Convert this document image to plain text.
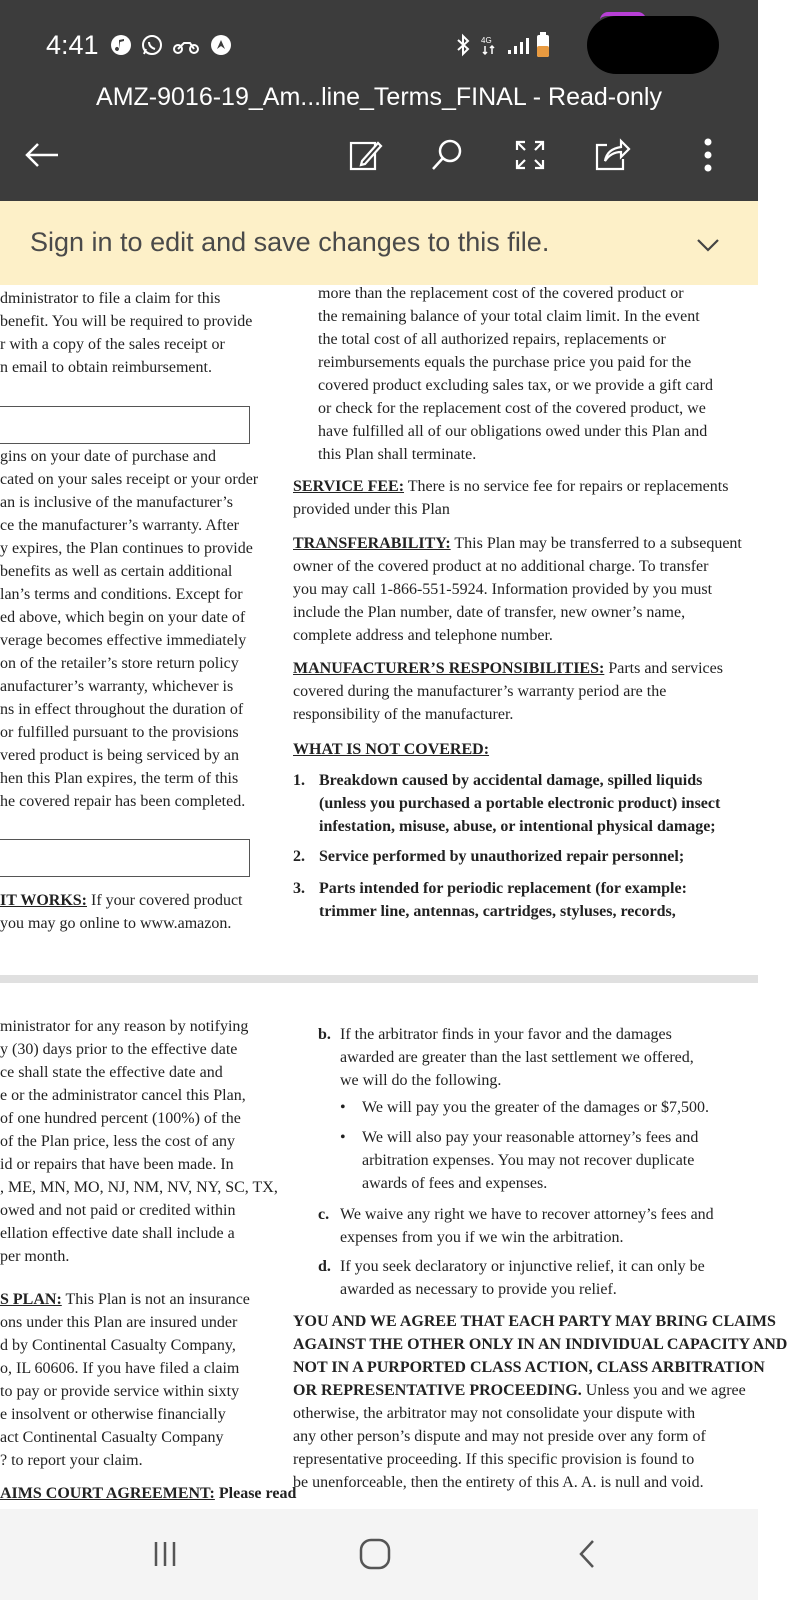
4:41	4G
AMZ-9016-19_Am...line_Terms_FINAL - Read-only
Sign in to edit and save changes to this file.
dministrator to file a claim for this
benefit. You will be required to provide
r with a copy of the sales receipt or
n email to obtain reimbursement.
gins on your date of purchase and
cated on your sales receipt or your order
an is inclusive of the manufacturer’s
ce the manufacturer’s warranty. After
y expires, the Plan continues to provide
benefits as well as certain additional
lan’s terms and conditions. Except for
ed above, which begin on your date of
verage becomes effective immediately
on of the retailer’s store return policy
anufacturer’s warranty, whichever is
ns in effect throughout the duration of
or fulfilled pursuant to the provisions
vered product is being serviced by an
hen this Plan expires, the term of this
he covered repair has been completed.
IT WORKS: If your covered product
you may go online to www.amazon.
more than the replacement cost of the covered product or
the remaining balance of your total claim limit. In the event
the total cost of all authorized repairs, replacements or
reimbursements equals the purchase price you paid for the
covered product excluding sales tax, or we provide a gift card
or check for the replacement cost of the covered product, we
have fulfilled all of our obligations owed under this Plan and
this Plan shall terminate.
SERVICE FEE: There is no service fee for repairs or replacements
provided under this Plan
TRANSFERABILITY: This Plan may be transferred to a subsequent
owner of the covered product at no additional charge. To transfer
you may call 1-866-551-5924. Information provided by you must
include the Plan number, date of transfer, new owner’s name,
complete address and telephone number.
MANUFACTURER’S RESPONSIBILITIES: Parts and services
covered during the manufacturer’s warranty period are the
responsibility of the manufacturer.
WHAT IS NOT COVERED:
1. Breakdown caused by accidental damage, spilled liquids
(unless you purchased a portable electronic product) insect
infestation, misuse, abuse, or intentional physical damage;
2. Service performed by unauthorized repair personnel;
3. Parts intended for periodic replacement (for example:
trimmer line, antennas, cartridges, styluses, records,
ministrator for any reason by notifying
y (30) days prior to the effective date
ce shall state the effective date and
e or the administrator cancel this Plan,
of one hundred percent (100%) of the
of the Plan price, less the cost of any
id or repairs that have been made. In
, ME, MN, MO, NJ, NM, NV, NY, SC, TX,
owed and not paid or credited within
ellation effective date shall include a
per month.
S PLAN: This Plan is not an insurance
ons under this Plan are insured under
d by Continental Casualty Company,
o, IL 60606. If you have filed a claim
to pay or provide service within sixty
e insolvent or otherwise financially
act Continental Casualty Company
? to report your claim.
AIMS COURT AGREEMENT: Please read
b. If the arbitrator finds in your favor and the damages
awarded are greater than the last settlement we offered,
we will do the following.
• We will pay you the greater of the damages or $7,500.
• We will also pay your reasonable attorney’s fees and
arbitration expenses. You may not recover duplicate
awards of fees and expenses.
c. We waive any right we have to recover attorney’s fees and
expenses from you if we win the arbitration.
d. If you seek declaratory or injunctive relief, it can only be
awarded as necessary to provide you relief.
YOU AND WE AGREE THAT EACH PARTY MAY BRING CLAIMS
AGAINST THE OTHER ONLY IN AN INDIVIDUAL CAPACITY AND
NOT IN A PURPORTED CLASS ACTION, CLASS ARBITRATION
OR REPRESENTATIVE PROCEEDING. Unless you and we agree
otherwise, the arbitrator may not consolidate your dispute with
any other person’s dispute and may not preside over any form of
representative proceeding. If this specific provision is found to
be unenforceable, then the entirety of this A. A. is null and void.
